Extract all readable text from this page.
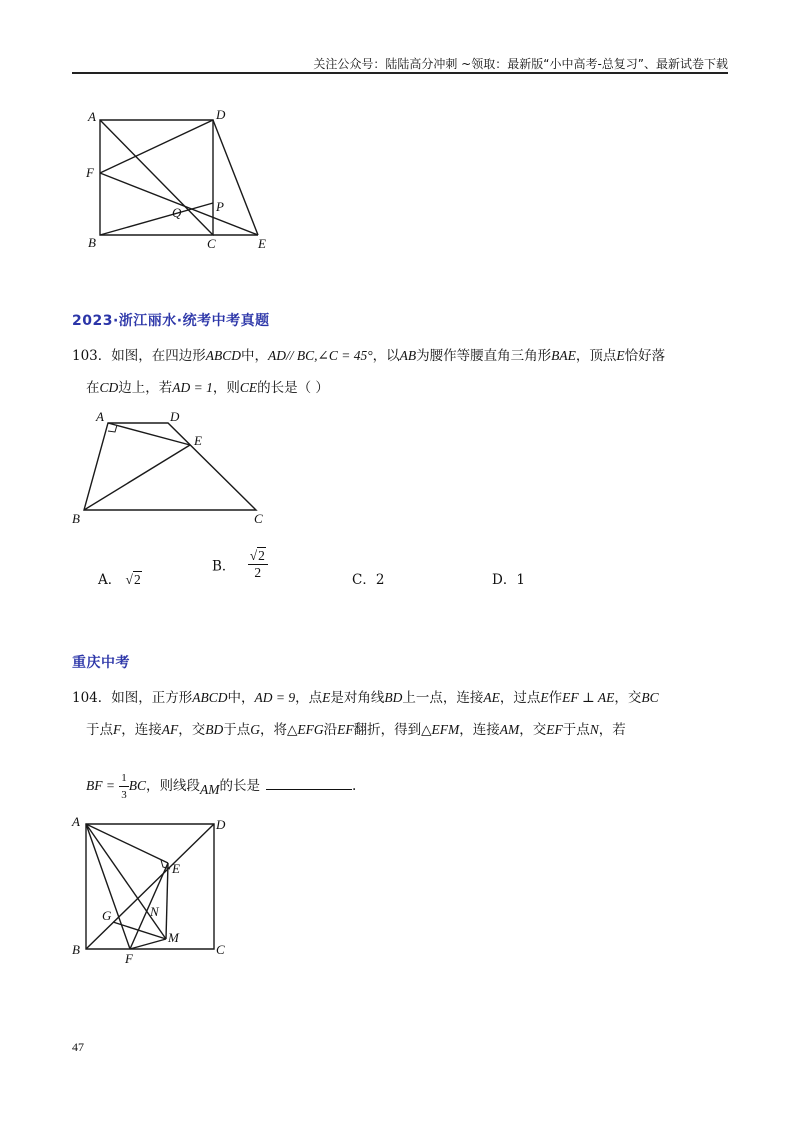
关注公众号：陆陆高分冲刺 ~领取：最新版“小中高考-总复习”、最新试卷下载
A	D
F
Q	P
B	C	E
2023·浙江丽水·统考中考真题
103．如图，在四边形ABCD中，AD// BC,∠C = 45°，以AB为腰作等腰直角三角形BAE，顶点E恰好落
在CD边上，若AD = 1，则CE的长是（ ）
A	D
E
B	C
A． √2
B． $\frac{√2}{2}$	C．2	D．1
重庆中考
104．如图，正方形ABCD中，AD = 9，点E是对角线BD上一点，连接AE，过点E作EF ⊥ AE，交BC
于点F，连接AF，交BD于点G，将△EFG沿EF翻折，得到△EFM，连接AM，交EF于点N，若
BF = $\frac{1}{3}$ BC，则线段AM的长是	.
A	D
E
G	N
M
B
F
C
47
